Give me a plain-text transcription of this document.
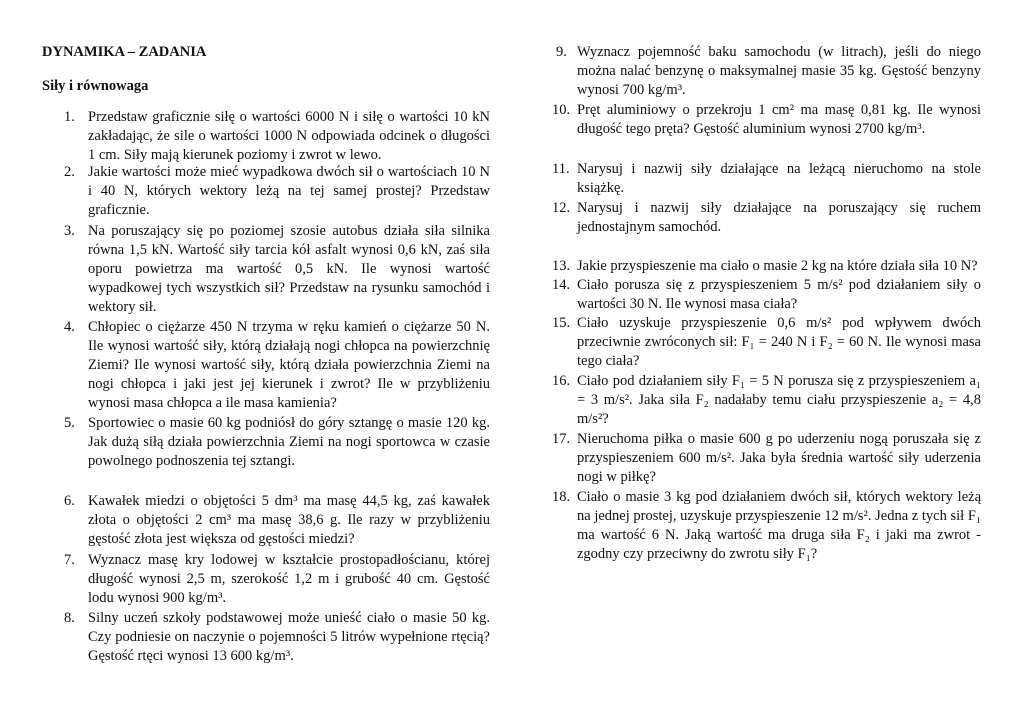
DYNAMIKA – ZADANIA
Siły i równowaga
1. Przedstaw graficznie siłę o wartości 6000 N i siłę o wartości 10 kN zakładając, że sile o wartości 1000 N odpowiada odcinek o długości 1 cm. Siły mają kierunek poziomy i zwrot w lewo.
2. Jakie wartości może mieć wypadkowa dwóch sił o wartościach 10 N i 40 N, których wektory leżą na tej samej prostej? Przedstaw graficznie.
3. Na poruszający się po poziomej szosie autobus działa siła silnika równa 1,5 kN. Wartość siły tarcia kół asfalt wynosi 0,6 kN, zaś siła oporu powietrza ma wartość 0,5 kN. Ile wynosi wartość wypadkowej tych wszystkich sił? Przedstaw na rysunku samochód i wektory sił.
4. Chłopiec o ciężarze 450 N trzyma w ręku kamień o ciężarze 50 N. Ile wynosi wartość siły, którą działają nogi chłopca na powierzchnię Ziemi? Ile wynosi wartość siły, którą działa powierzchnia Ziemi na nogi chłopca i jaki jest jej kierunek i zwrot? Ile w przybliżeniu wynosi masa chłopca a ile masa kamienia?
5. Sportowiec o masie 60 kg podniósł do góry sztangę o masie 120 kg. Jak dużą siłą działa powierzchnia Ziemi na nogi sportowca w czasie powolnego podnoszenia tej sztangi.
6. Kawałek miedzi o objętości 5 dm³ ma masę 44,5 kg, zaś kawałek złota o objętości 2 cm³ ma masę 38,6 g. Ile razy w przybliżeniu gęstość złota jest większa od gęstości miedzi?
7. Wyznacz masę kry lodowej w kształcie prostopadłościanu, której długość wynosi 2,5 m, szerokość 1,2 m i grubość 40 cm. Gęstość lodu wynosi 900 kg/m³.
8. Silny uczeń szkoły podstawowej może unieść ciało o masie 50 kg. Czy podniesie on naczynie o pojemności 5 litrów wypełnione rtęcią? Gęstość rtęci wynosi 13 600 kg/m³.
9. Wyznacz pojemność baku samochodu (w litrach), jeśli do niego można nalać benzynę o maksymalnej masie 35 kg. Gęstość benzyny wynosi 700 kg/m³.
10. Pręt aluminiowy o przekroju 1 cm² ma masę 0,81 kg. Ile wynosi długość tego pręta? Gęstość aluminium wynosi 2700 kg/m³.
11. Narysuj i nazwij siły działające na leżącą nieruchomo na stole książkę.
12. Narysuj i nazwij siły działające na poruszający się ruchem jednostajnym samochód.
13. Jakie przyspieszenie ma ciało o masie 2 kg na które działa siła 10 N?
14. Ciało porusza się z przyspieszeniem 5 m/s² pod działaniem siły o wartości 30 N. Ile wynosi masa ciała?
15. Ciało uzyskuje przyspieszenie 0,6 m/s² pod wpływem dwóch przeciwnie zwróconych sił: F₁ = 240 N i F₂ = 60 N. Ile wynosi masa tego ciała?
16. Ciało pod działaniem siły F₁ = 5 N porusza się z przyspieszeniem a₁ = 3 m/s². Jaka siła F₂ nadałaby temu ciału przyspieszenie a₂ = 4,8 m/s²?
17. Nieruchoma piłka o masie 600 g po uderzeniu nogą poruszała się z przyspieszeniem 600 m/s². Jaka była średnia wartość siły uderzenia nogi w piłkę?
18. Ciało o masie 3 kg pod działaniem dwóch sił, których wektory leżą na jednej prostej, uzyskuje przyspieszenie 12 m/s². Jedna z tych sił F₁ ma wartość 6 N. Jaką wartość ma druga siła F₂ i jaki ma zwrot - zgodny czy przeciwny do zwrotu siły F₁?
